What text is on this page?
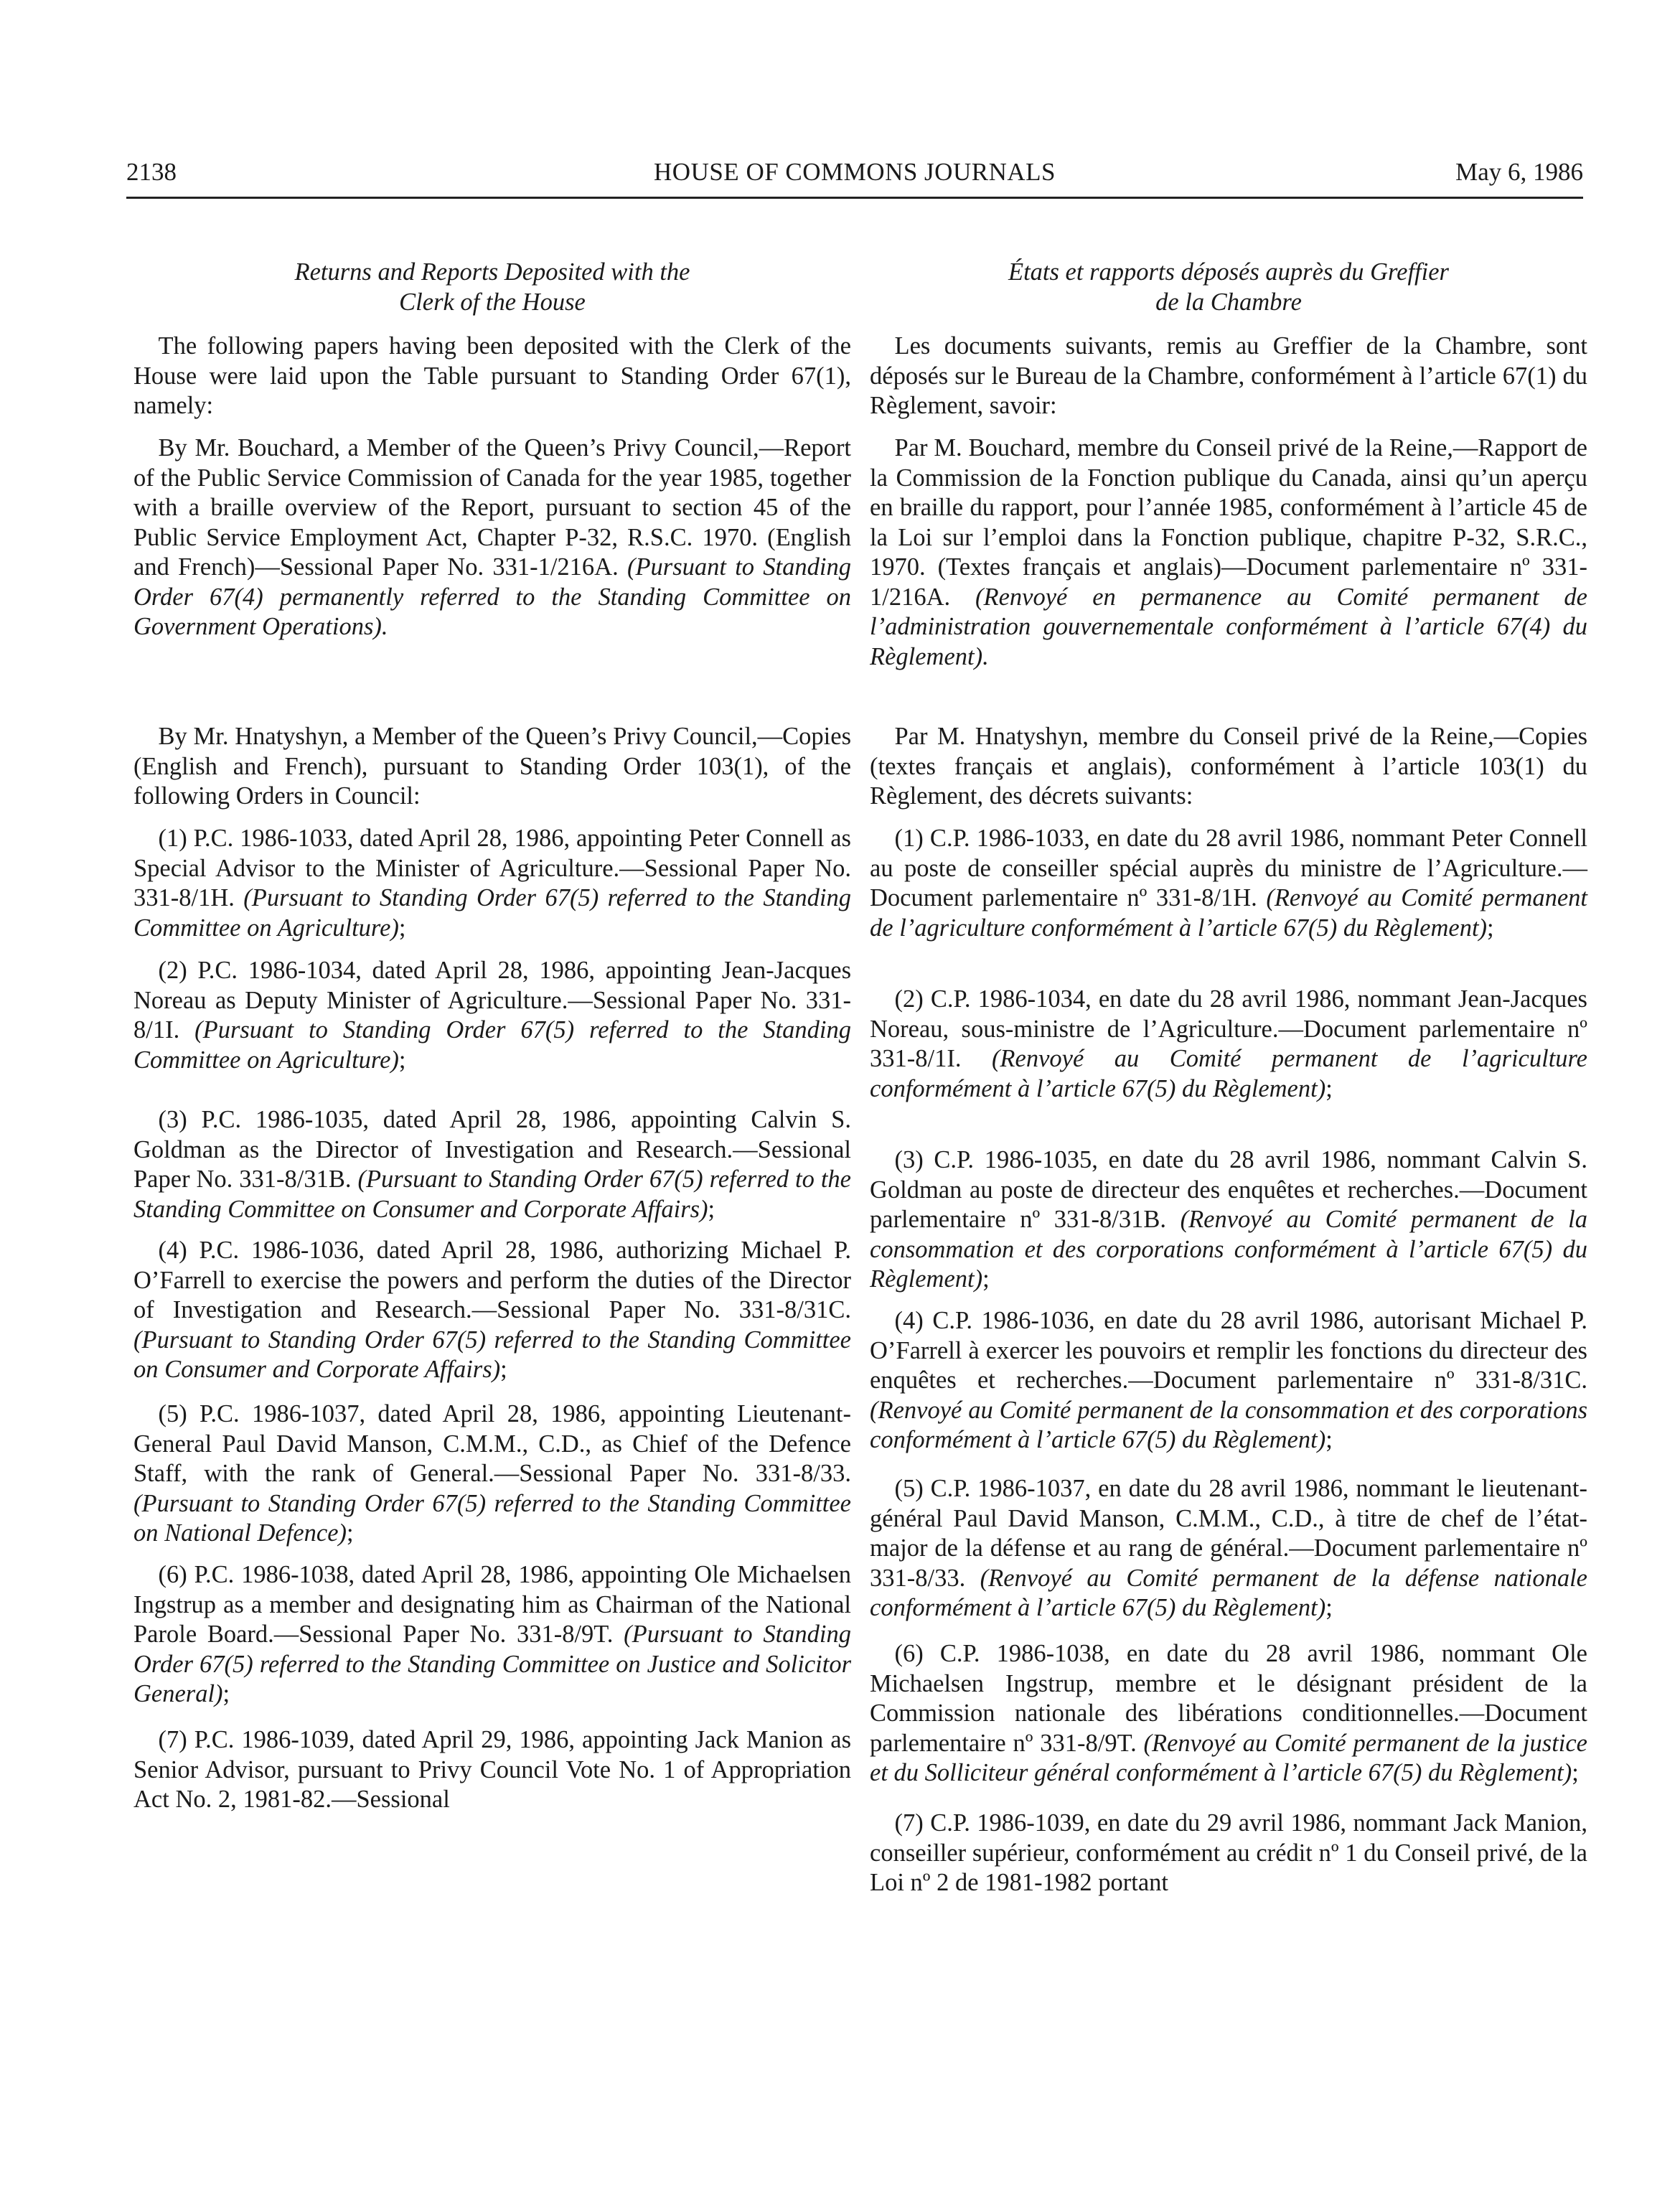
2138	HOUSE OF COMMONS JOURNALS	May 6, 1986
Returns and Reports Deposited with the
Clerk of the House

 The following papers having been deposited with the Clerk of the House were laid upon the Table pursuant to Standing Order 67(1), namely:

 By Mr. Bouchard, a Member of the Queen’s Privy Council,—Report of the Public Service Commission of Canada for the year 1985, together with a braille overview of the Report, pursuant to section 45 of the Public Service Employment Act, Chapter P-32, R.S.C. 1970. (English and French)—Sessional Paper No. 331-1/216A. (Pursuant to Standing Order 67(4) permanently referred to the Standing Committee on Government Operations).

 By Mr. Hnatyshyn, a Member of the Queen’s Privy Council,—Copies (English and French), pursuant to Standing Order 103(1), of the following Orders in Council:

 (1) P.C. 1986-1033, dated April 28, 1986, appointing Peter Connell as Special Advisor to the Minister of Agriculture.—Sessional Paper No. 331-8/1H. (Pursuant to Standing Order 67(5) referred to the Standing Committee on Agriculture);

 (2) P.C. 1986-1034, dated April 28, 1986, appointing Jean-Jacques Noreau as Deputy Minister of Agriculture.—Sessional Paper No. 331-8/1I. (Pursuant to Standing Order 67(5) referred to the Standing Committee on Agriculture);

 (3) P.C. 1986-1035, dated April 28, 1986, appointing Calvin S. Goldman as the Director of Investigation and Research.—Sessional Paper No. 331-8/31B. (Pursuant to Standing Order 67(5) referred to the Standing Committee on Consumer and Corporate Affairs);

 (4) P.C. 1986-1036, dated April 28, 1986, authorizing Michael P. O’Farrell to exercise the powers and perform the duties of the Director of Investigation and Research.—Sessional Paper No. 331-8/31C. (Pursuant to Standing Order 67(5) referred to the Standing Committee on Consumer and Corporate Affairs);

 (5) P.C. 1986-1037, dated April 28, 1986, appointing Lieutenant-General Paul David Manson, C.M.M., C.D., as Chief of the Defence Staff, with the rank of General.—Sessional Paper No. 331-8/33. (Pursuant to Standing Order 67(5) referred to the Standing Committee on National Defence);

 (6) P.C. 1986-1038, dated April 28, 1986, appointing Ole Michaelsen Ingstrup as a member and designating him as Chairman of the National Parole Board.—Sessional Paper No. 331-8/9T. (Pursuant to Standing Order 67(5) referred to the Standing Committee on Justice and Solicitor General);

 (7) P.C. 1986-1039, dated April 29, 1986, appointing Jack Manion as Senior Advisor, pursuant to Privy Council Vote No. 1 of Appropriation Act No. 2, 1981-82.—Sessional

États et rapports déposés auprès du Greffier
de la Chambre

 Les documents suivants, remis au Greffier de la Chambre, sont déposés sur le Bureau de la Chambre, conformément à l’article 67(1) du Règlement, savoir:

 Par M. Bouchard, membre du Conseil privé de la Reine,—Rapport de la Commission de la Fonction publique du Canada, ainsi qu’un aperçu en braille du rapport, pour l’année 1985, conformément à l’article 45 de la Loi sur l’emploi dans la Fonction publique, chapitre P-32, S.R.C., 1970. (Textes français et anglais)—Document parlementaire nº 331-1/216A. (Renvoyé en permanence au Comité permanent de l’administration gouvernementale conformément à l’article 67(4) du Règlement).

 Par M. Hnatyshyn, membre du Conseil privé de la Reine,—Copies (textes français et anglais), conformément à l’article 103(1) du Règlement, des décrets suivants:

 (1) C.P. 1986-1033, en date du 28 avril 1986, nommant Peter Connell au poste de conseiller spécial auprès du ministre de l’Agriculture.—Document parlementaire nº 331-8/1H. (Renvoyé au Comité permanent de l’agriculture conformément à l’article 67(5) du Règlement);

 (2) C.P. 1986-1034, en date du 28 avril 1986, nommant Jean-Jacques Noreau, sous-ministre de l’Agriculture.—Document parlementaire nº 331-8/1I. (Renvoyé au Comité permanent de l’agriculture conformément à l’article 67(5) du Règlement);

 (3) C.P. 1986-1035, en date du 28 avril 1986, nommant Calvin S. Goldman au poste de directeur des enquêtes et recherches.—Document parlementaire nº 331-8/31B. (Renvoyé au Comité permanent de la consommation et des corporations conformément à l’article 67(5) du Règlement);

 (4) C.P. 1986-1036, en date du 28 avril 1986, autorisant Michael P. O’Farrell à exercer les pouvoirs et remplir les fonctions du directeur des enquêtes et recherches.—Document parlementaire nº 331-8/31C. (Renvoyé au Comité permanent de la consommation et des corporations conformément à l’article 67(5) du Règlement);

 (5) C.P. 1986-1037, en date du 28 avril 1986, nommant le lieutenant-général Paul David Manson, C.M.M., C.D., à titre de chef de l’état-major de la défense et au rang de général.—Document parlementaire nº 331-8/33. (Renvoyé au Comité permanent de la défense nationale conformément à l’article 67(5) du Règlement);

 (6) C.P. 1986-1038, en date du 28 avril 1986, nommant Ole Michaelsen Ingstrup, membre et le désignant président de la Commission nationale des libérations conditionnelles.—Document parlementaire nº 331-8/9T. (Renvoyé au Comité permanent de la justice et du Solliciteur général conformément à l’article 67(5) du Règlement);

 (7) C.P. 1986-1039, en date du 29 avril 1986, nommant Jack Manion, conseiller supérieur, conformément au crédit nº 1 du Conseil privé, de la Loi nº 2 de 1981-1982 portant
